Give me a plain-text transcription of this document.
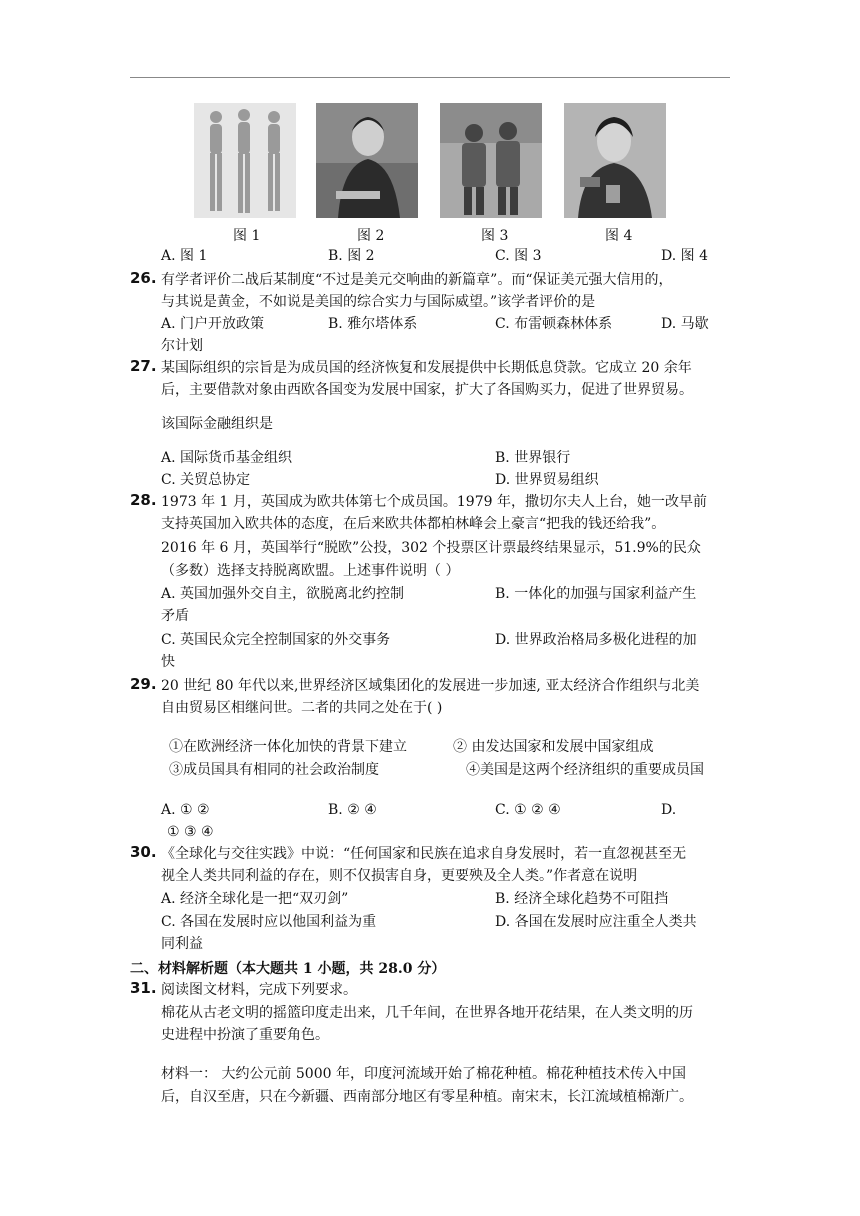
图 1	图 2	图 3	图 4
A. 图 1	B. 图 2	C. 图 3	D. 图 4
26. 有学者评价二战后某制度“不过是美元交响曲的新篇章”。而“保证美元强大信用的，
与其说是黄金，不如说是美国的综合实力与国际威望。”该学者评价的是
A. 门户开放政策	B. 雅尔塔体系	C. 布雷顿森林体系	D. 马歇
尔计划
27. 某国际组织的宗旨是为成员国的经济恢复和发展提供中长期低息贷款。它成立 20 余年
后，主要借款对象由西欧各国变为发展中国家，扩大了各国购买力，促进了世界贸易。
该国际金融组织是
A. 国际货币基金组织	B. 世界银行
C. 关贸总协定	D. 世界贸易组织
28. 1973 年 1 月，英国成为欧共体第七个成员国。1979 年，撒切尔夫人上台，她一改早前
支持英国加入欧共体的态度，在后来欧共体都柏林峰会上豪言“把我的钱还给我”。
2016 年 6 月，英国举行“脱欧”公投，302 个投票区计票最终结果显示，51.9%的民众
（多数）选择支持脱离欧盟。上述事件说明（ ）
A. 英国加强外交自主，欲脱离北约控制	B. 一体化的加强与国家利益产生
矛盾
C. 英国民众完全控制国家的外交事务	D. 世界政治格局多极化进程的加
快
29. 20 世纪 80 年代以来,世界经济区域集团化的发展进一步加速, 亚太经济合作组织与北美
自由贸易区相继问世。二者的共同之处在于( )
①在欧洲经济一体化加快的背景下建立	② 由发达国家和发展中国家组成
③成员国具有相同的社会政治制度	④美国是这两个经济组织的重要成员国
A. ① ②	B. ② ④	C. ① ② ④	D.
① ③ ④
30. 《全球化与交往实践》中说：“任何国家和民族在追求自身发展时，若一直忽视甚至无
视全人类共同利益的存在，则不仅损害自身，更要殃及全人类。”作者意在说明
A. 经济全球化是一把“双刃剑”	B. 经济全球化趋势不可阻挡
C. 各国在发展时应以他国利益为重	D. 各国在发展时应注重全人类共
同利益
二、材料解析题（本大题共 1 小题，共 28.0 分）
31. 阅读图文材料，完成下列要求。
棉花从古老文明的摇篮印度走出来，几千年间，在世界各地开花结果，在人类文明的历
史进程中扮演了重要角色。
材料一： 大约公元前 5000 年，印度河流域开始了棉花种植。棉花种植技术传入中国
后，自汉至唐，只在今新疆、西南部分地区有零星种植。南宋末，长江流域植棉渐广。
